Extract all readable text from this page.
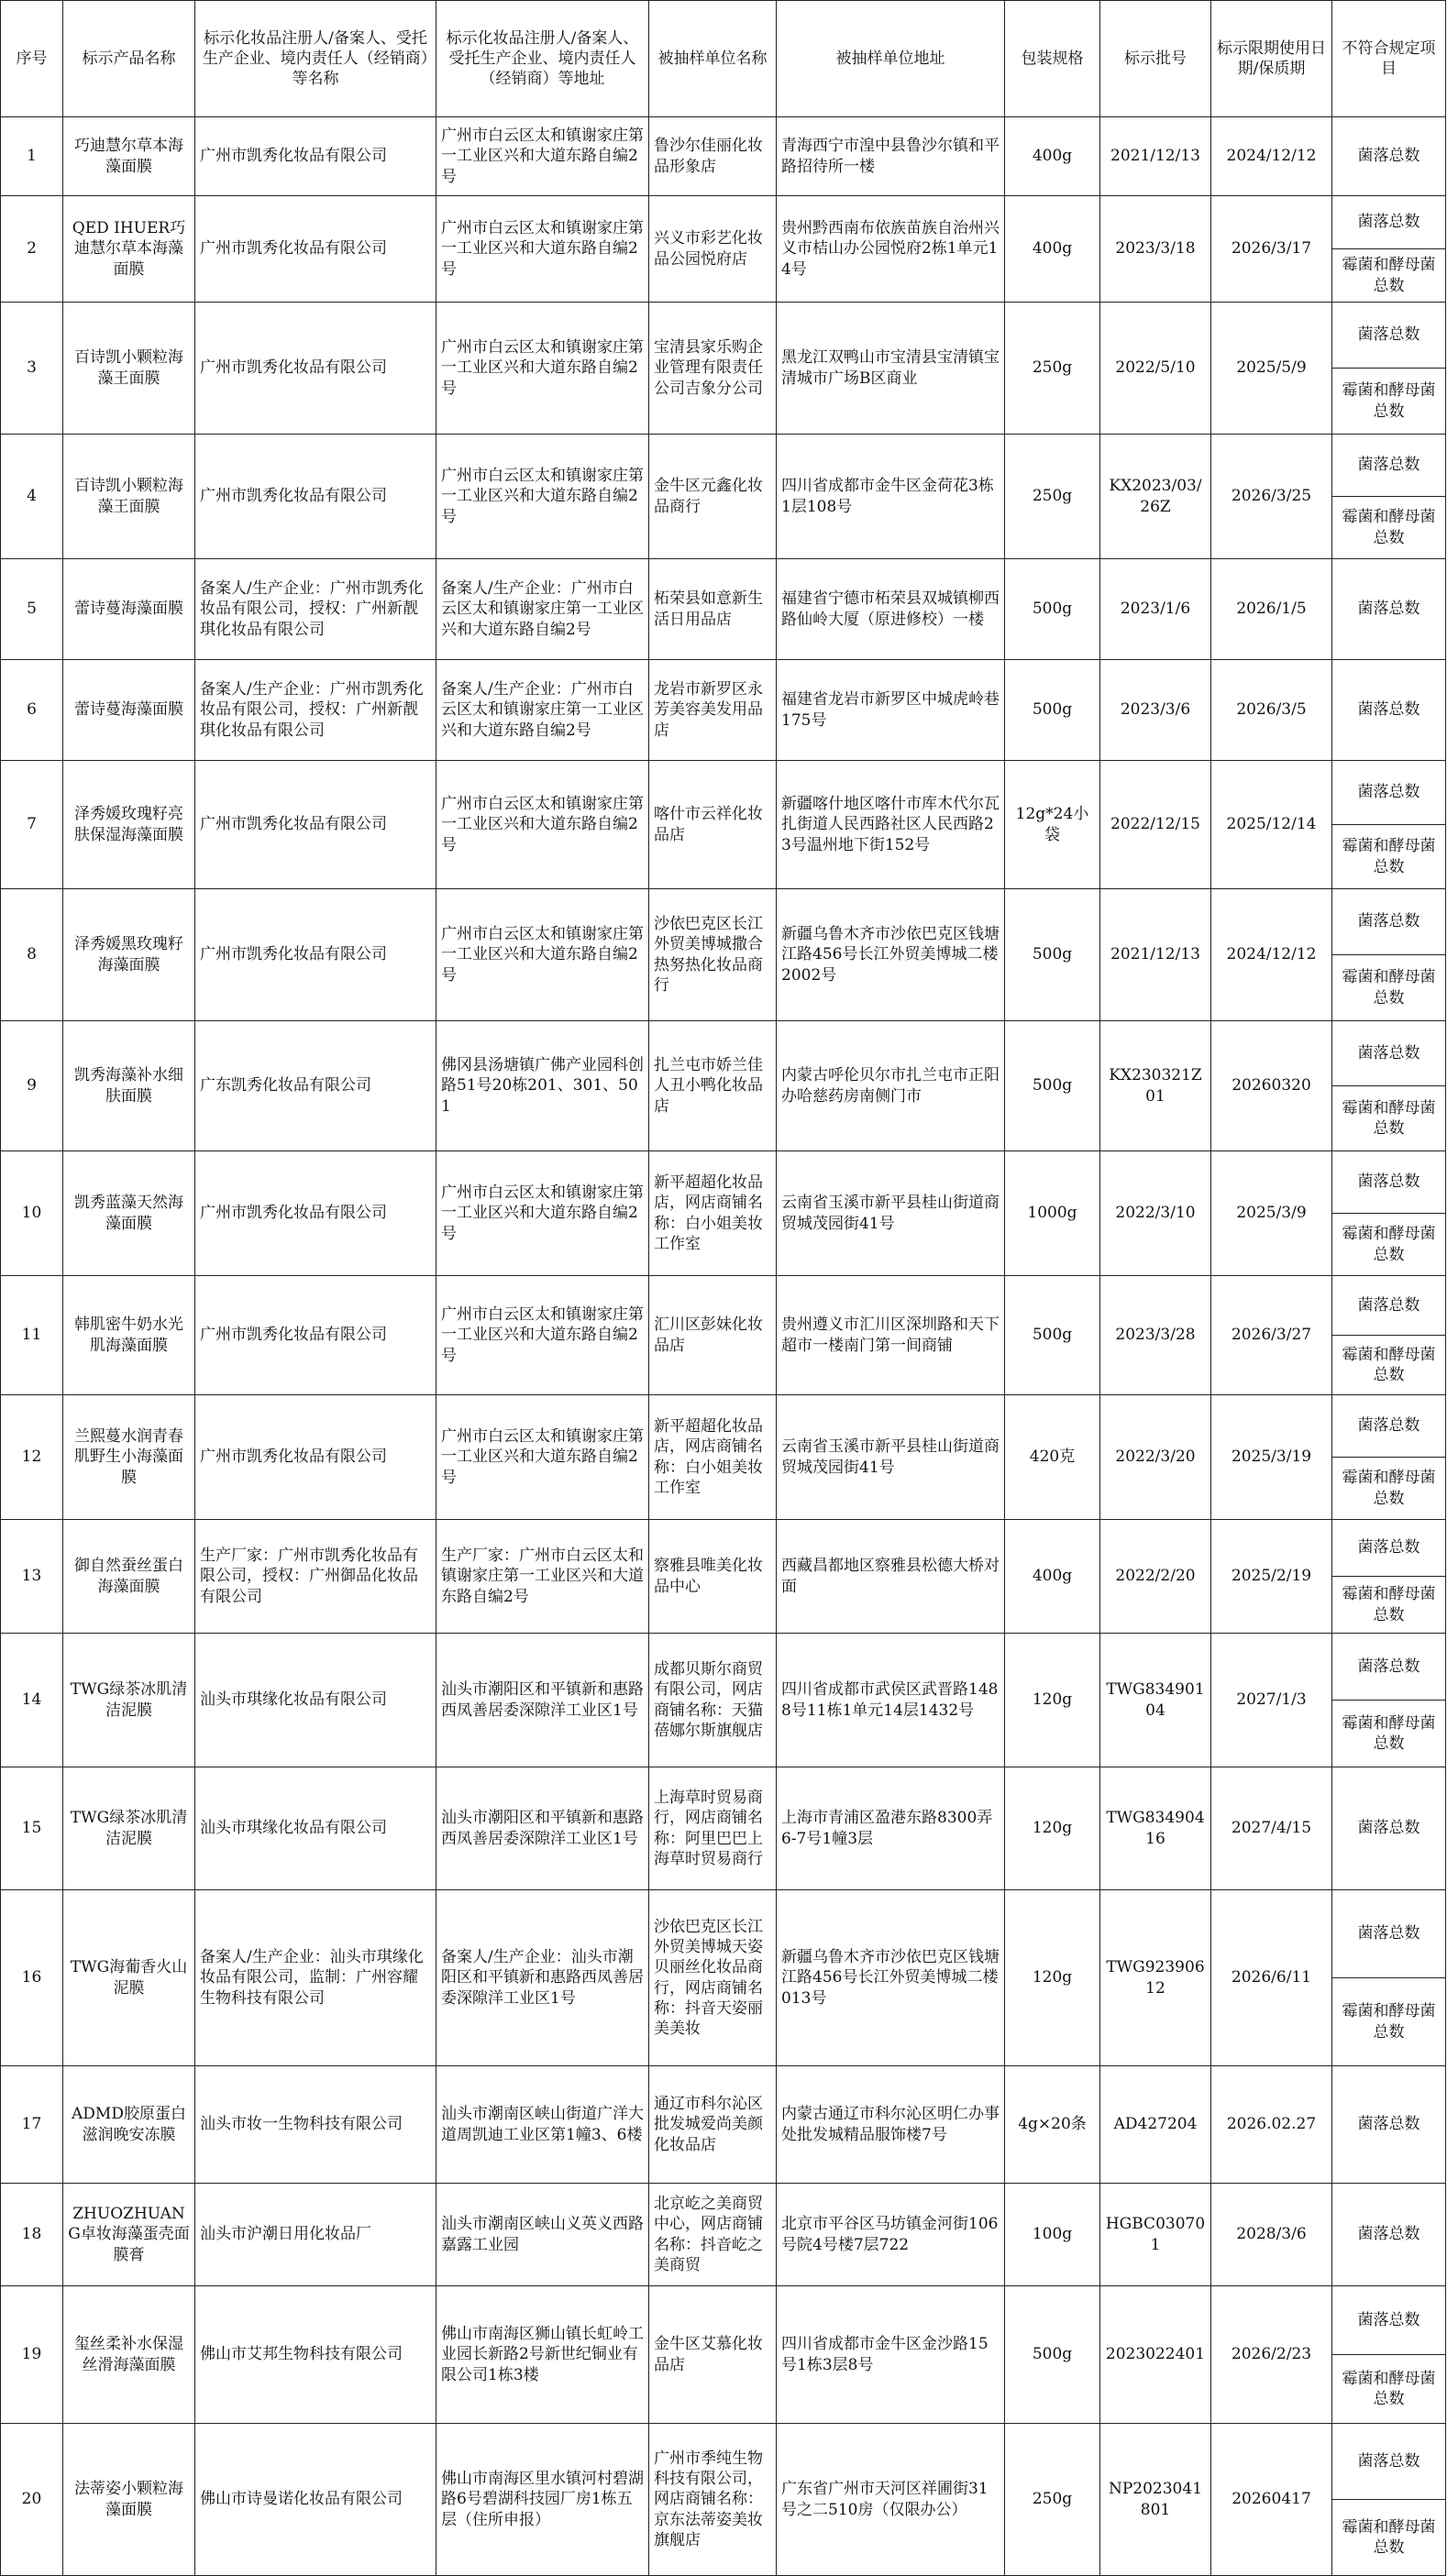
序号	标示产品名称	标示化妆品注册人/备案人、受托生产企业、境内责任人（经销商）等名称	标示化妆品注册人/备案人、受托生产企业、境内责任人（经销商）等地址	被抽样单位名称	被抽样单位地址	包装规格	标示批号	标示限期使用日期/保质期	不符合规定项目
1	巧迪慧尔草本海藻面膜	广州市凯秀化妆品有限公司	广州市白云区太和镇谢家庄第一工业区兴和大道东路自编2号	鲁沙尔佳丽化妆品形象店	青海西宁市湟中县鲁沙尔镇和平路招待所一楼	400g	2021/12/13	2024/12/12	菌落总数
2	QED IHUER巧迪慧尔草本海藻面膜	广州市凯秀化妆品有限公司	广州市白云区太和镇谢家庄第一工业区兴和大道东路自编2号	兴义市彩艺化妆品公园悦府店	贵州黔西南布依族苗族自治州兴义市桔山办公园悦府2栋1单元14号	400g	2023/3/18	2026/3/17	菌落总数
									霉菌和酵母菌总数
3	百诗凯小颗粒海藻王面膜	广州市凯秀化妆品有限公司	广州市白云区太和镇谢家庄第一工业区兴和大道东路自编2号	宝清县家乐购企业管理有限责任公司吉象分公司	黑龙江双鸭山市宝清县宝清镇宝清城市广场B区商业	250g	2022/5/10	2025/5/9	菌落总数
									霉菌和酵母菌总数
4	百诗凯小颗粒海藻王面膜	广州市凯秀化妆品有限公司	广州市白云区太和镇谢家庄第一工业区兴和大道东路自编2号	金牛区元鑫化妆品商行	四川省成都市金牛区金荷花3栋1层108号	250g	KX2023/03/26Z	2026/3/25	菌落总数
									霉菌和酵母菌总数
5	蕾诗蔓海藻面膜	备案人/生产企业：广州市凯秀化妆品有限公司，授权：广州新靓琪化妆品有限公司	备案人/生产企业：广州市白云区太和镇谢家庄第一工业区兴和大道东路自编2号	柘荣县如意新生活日用品店	福建省宁德市柘荣县双城镇柳西路仙岭大厦（原进修校）一楼	500g	2023/1/6	2026/1/5	菌落总数
6	蕾诗蔓海藻面膜	备案人/生产企业：广州市凯秀化妆品有限公司，授权：广州新靓琪化妆品有限公司	备案人/生产企业：广州市白云区太和镇谢家庄第一工业区兴和大道东路自编2号	龙岩市新罗区永芳美容美发用品店	福建省龙岩市新罗区中城虎岭巷175号	500g	2023/3/6	2026/3/5	菌落总数
7	泽秀媛玫瑰籽亮肤保湿海藻面膜	广州市凯秀化妆品有限公司	广州市白云区太和镇谢家庄第一工业区兴和大道东路自编2号	喀什市云祥化妆品店	新疆喀什地区喀什市库木代尔瓦扎街道人民西路社区人民西路23号温州地下街152号	12g*24小袋	2022/12/15	2025/12/14	菌落总数
									霉菌和酵母菌总数
8	泽秀媛黑玫瑰籽海藻面膜	广州市凯秀化妆品有限公司	广州市白云区太和镇谢家庄第一工业区兴和大道东路自编2号	沙依巴克区长江外贸美博城撒合热努热化妆品商行	新疆乌鲁木齐市沙依巴克区钱塘江路456号长江外贸美博城二楼2002号	500g	2021/12/13	2024/12/12	菌落总数
									霉菌和酵母菌总数
9	凯秀海藻补水细肤面膜	广东凯秀化妆品有限公司	佛冈县汤塘镇广佛产业园科创路51号20栋201、301、501	扎兰屯市娇兰佳人丑小鸭化妆品店	内蒙古呼伦贝尔市扎兰屯市正阳办哈慈药房南侧门市	500g	KX230321Z01	20260320	菌落总数
									霉菌和酵母菌总数
10	凯秀蓝藻天然海藻面膜	广州市凯秀化妆品有限公司	广州市白云区太和镇谢家庄第一工业区兴和大道东路自编2号	新平超超化妆品店，网店商铺名称：白小姐美妆工作室	云南省玉溪市新平县桂山街道商贸城茂园街41号	1000g	2022/3/10	2025/3/9	菌落总数
									霉菌和酵母菌总数
11	韩肌密牛奶水光肌海藻面膜	广州市凯秀化妆品有限公司	广州市白云区太和镇谢家庄第一工业区兴和大道东路自编2号	汇川区彭妹化妆品店	贵州遵义市汇川区深圳路和天下超市一楼南门第一间商铺	500g	2023/3/28	2026/3/27	菌落总数
									霉菌和酵母菌总数
12	兰熙蔓水润青春肌野生小海藻面膜	广州市凯秀化妆品有限公司	广州市白云区太和镇谢家庄第一工业区兴和大道东路自编2号	新平超超化妆品店，网店商铺名称：白小姐美妆工作室	云南省玉溪市新平县桂山街道商贸城茂园街41号	420克	2022/3/20	2025/3/19	菌落总数
									霉菌和酵母菌总数
13	御自然蚕丝蛋白海藻面膜	生产厂家：广州市凯秀化妆品有限公司，授权：广州御品化妆品有限公司	生产厂家：广州市白云区太和镇谢家庄第一工业区兴和大道东路自编2号	察雅县唯美化妆品中心	西藏昌都地区察雅县松德大桥对面	400g	2022/2/20	2025/2/19	菌落总数
									霉菌和酵母菌总数
14	TWG绿茶冰肌清洁泥膜	汕头市琪缘化妆品有限公司	汕头市潮阳区和平镇新和惠路西凤善居委深隙洋工业区1号	成都贝斯尔商贸有限公司，网店商铺名称：天猫蓓娜尔斯旗舰店	四川省成都市武侯区武晋路1488号11栋1单元14层1432号	120g	TWG83490104	2027/1/3	菌落总数
									霉菌和酵母菌总数
15	TWG绿茶冰肌清洁泥膜	汕头市琪缘化妆品有限公司	汕头市潮阳区和平镇新和惠路西凤善居委深隙洋工业区1号	上海草时贸易商行，网店商铺名称：阿里巴巴上海草时贸易商行	上海市青浦区盈港东路8300弄6-7号1幢3层	120g	TWG83490416	2027/4/15	菌落总数
16	TWG海葡香火山泥膜	备案人/生产企业：汕头市琪缘化妆品有限公司，监制：广州容耀生物科技有限公司	备案人/生产企业：汕头市潮阳区和平镇新和惠路西凤善居委深隙洋工业区1号	沙依巴克区长江外贸美博城天姿贝丽丝化妆品商行，网店商铺名称：抖音天姿丽美美妆	新疆乌鲁木齐市沙依巴克区钱塘江路456号长江外贸美博城二楼013号	120g	TWG92390612	2026/6/11	菌落总数
									霉菌和酵母菌总数
17	ADMD胶原蛋白滋润晚安冻膜	汕头市妆一生物科技有限公司	汕头市潮南区峡山街道广洋大道周凯迪工业区第1幢3、6楼	通辽市科尔沁区批发城爱尚美颜化妆品店	内蒙古通辽市科尔沁区明仁办事处批发城精品服饰楼7号	4g×20条	AD427204	2026.02.27	菌落总数
18	ZHUOZHUANG卓妆海藻蛋壳面膜膏	汕头市沪潮日用化妆品厂	汕头市潮南区峡山义英义西路嘉露工业园	北京屹之美商贸中心，网店商铺名称：抖音屹之美商贸	北京市平谷区马坊镇金河街106号院4号楼7层722	100g	HGBC030701	2028/3/6	菌落总数
19	玺丝柔补水保湿丝滑海藻面膜	佛山市艾邦生物科技有限公司	佛山市南海区狮山镇长虹岭工业园长新路2号新世纪铜业有限公司1栋3楼	金牛区艾慕化妆品店	四川省成都市金牛区金沙路15号1栋3层8号	500g	2023022401	2026/2/23	菌落总数
									霉菌和酵母菌总数
20	法蒂姿小颗粒海藻面膜	佛山市诗曼诺化妆品有限公司	佛山市南海区里水镇河村碧湖路6号碧湖科技园厂房1栋五层（住所申报）	广州市季纯生物科技有限公司，网店商铺名称：京东法蒂姿美妆旗舰店	广东省广州市天河区祥圃街31号之二510房（仅限办公）	250g	NP2023041801	20260417	菌落总数
									霉菌和酵母菌总数
